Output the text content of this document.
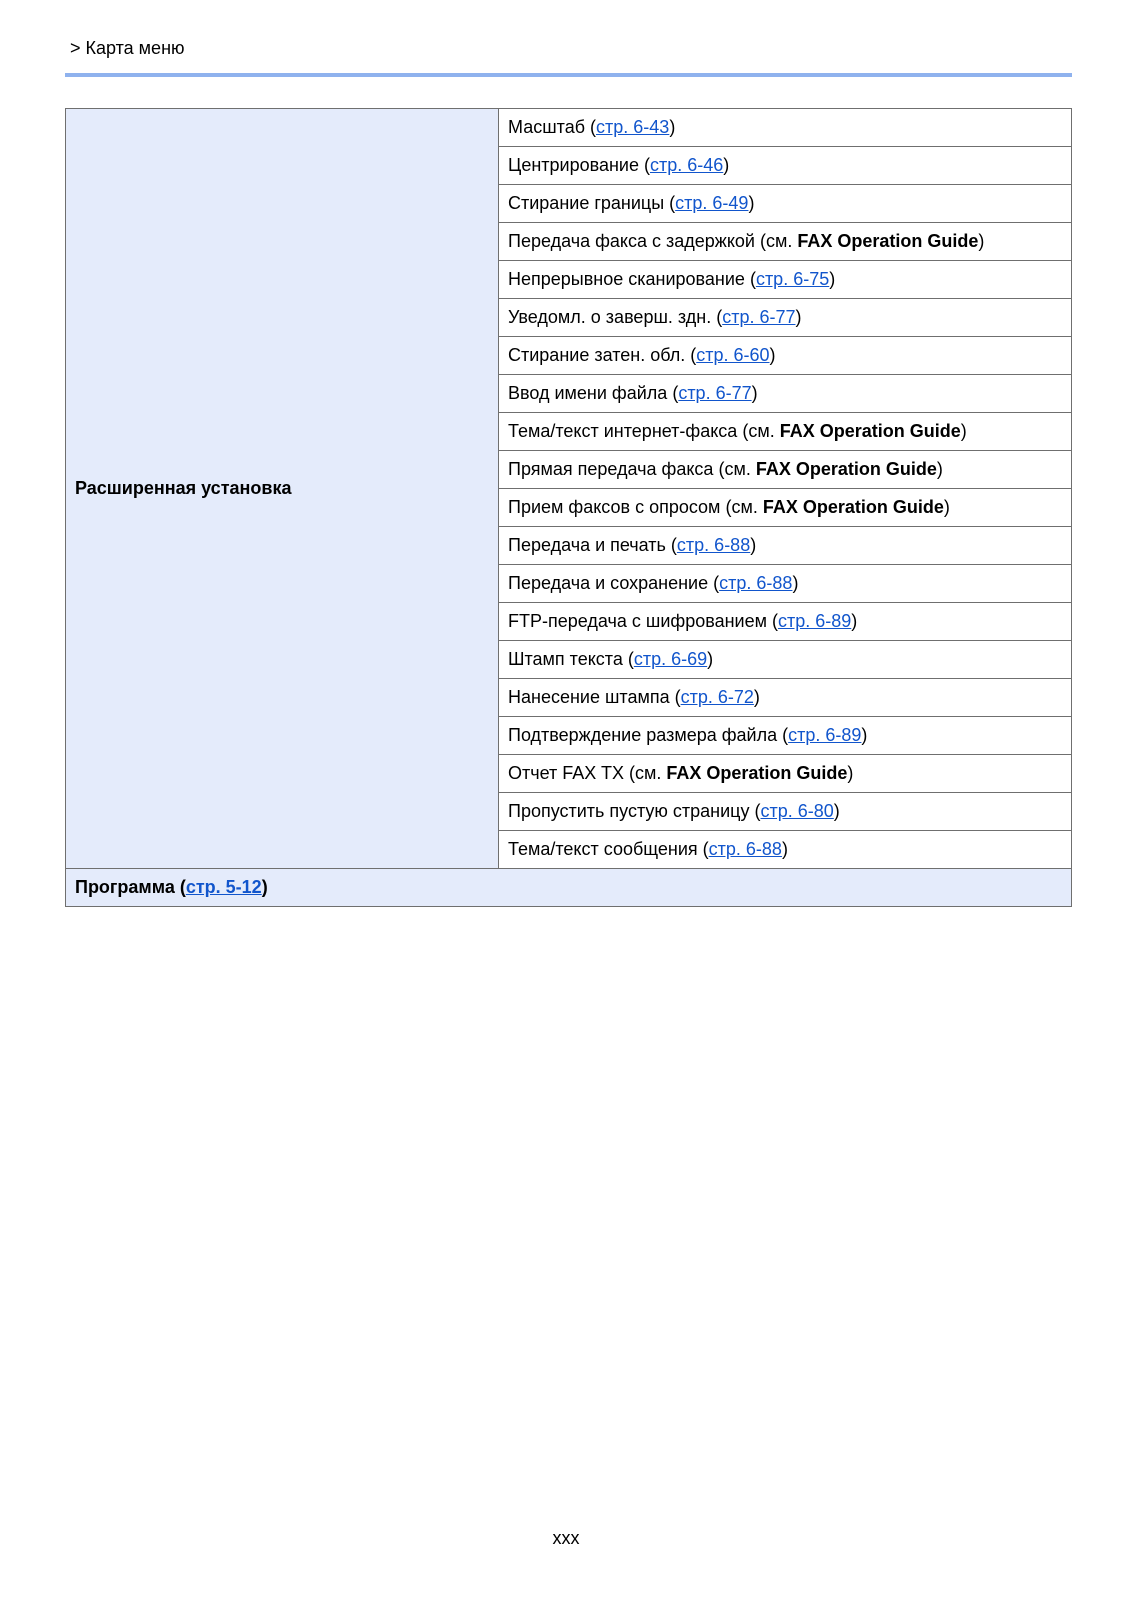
> Карта меню
Расширенная установка	Масштаб (стр. 6-43)
Центрирование (стр. 6-46)
Стирание границы (стр. 6-49)
Передача факса с задержкой (см. FAX Operation Guide)
Непрерывное сканирование (стр. 6-75)
Уведомл. о заверш. здн. (стр. 6-77)
Стирание затен. обл. (стр. 6-60)
Ввод имени файла (стр. 6-77)
Тема/текст интернет-факса (см. FAX Operation Guide)
Прямая передача факса (см. FAX Operation Guide)
Прием факсов с опросом (см. FAX Operation Guide)
Передача и печать (стр. 6-88)
Передача и сохранение (стр. 6-88)
FTP-передача с шифрованием (стр. 6-89)
Штамп текста (стр. 6-69)
Нанесение штампа (стр. 6-72)
Подтверждение размера файла (стр. 6-89)
Отчет FAX TX (см. FAX Operation Guide)
Пропустить пустую страницу (стр. 6-80)
Тема/текст сообщения (стр. 6-88)
Программа (стр. 5-12)
xxx
